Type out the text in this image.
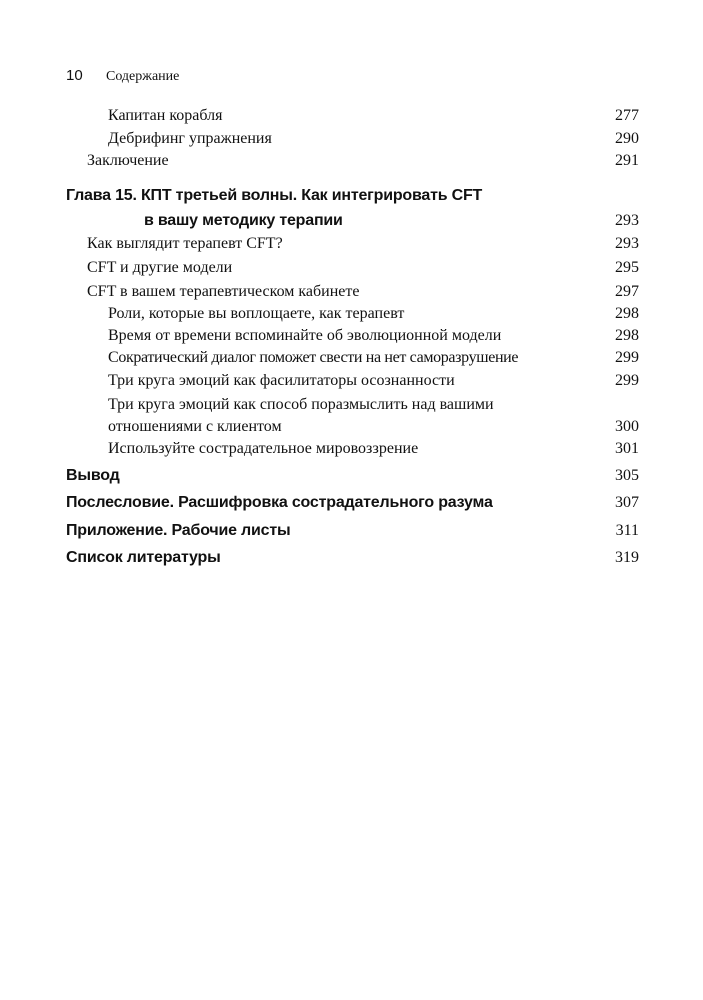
10 Содержание
Капитан корабля	277
Дебрифинг упражнения	290
Заключение	291
Глава 15. КПТ третьей волны. Как интегрировать CFT
в вашу методику терапии	293
Как выглядит терапевт CFT?	293
CFT и другие модели	295
CFT в вашем терапевтическом кабинете	297
Роли, которые вы воплощаете, как терапевт	298
Время от времени вспоминайте об эволюционной модели	298
Сократический диалог поможет свести на нет саморазрушение	299
Три круга эмоций как фасилитаторы осознанности	299
Три круга эмоций как способ поразмыслить над вашими
отношениями с клиентом	300
Используйте сострадательное мировоззрение	301
Вывод	305
Послесловие. Расшифровка сострадательного разума	307
Приложение. Рабочие листы	311
Список литературы	319
